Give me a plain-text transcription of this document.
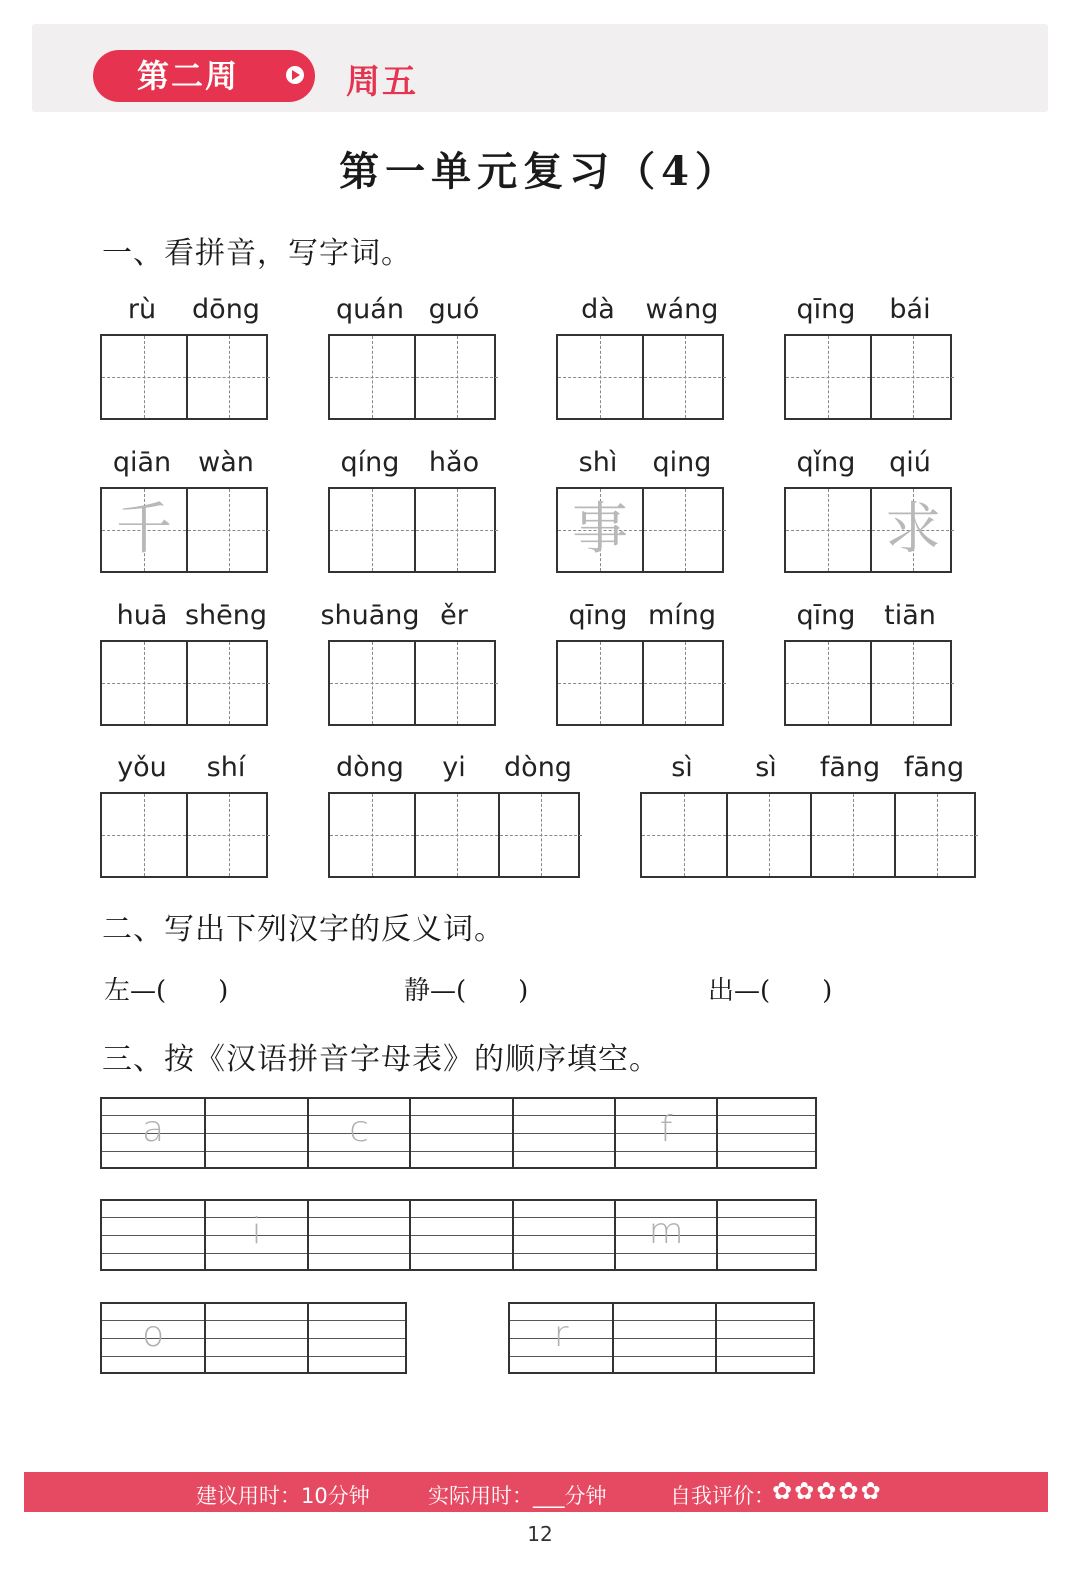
第二周	周五
第一单元复习（4）
一、看拼音，写字词。
rù dōng	quán guó	dà wáng	qīng bái
qiān wàn
千
qíng hǎo	shì qing
事
qǐng qiú
求
huā shēng shuāng ěr	qīng míng	qīng tiān
yǒu shí	dòng yi dòng	sì sì fāng fāng
二、写出下列汉字的反义词。
左—(　　)	静—(　　)	出—(　　)
三、按《汉语拼音字母表》的顺序填空。
a	c	f
i	m
o	r
建议用时：10分钟	实际用时：___分钟	自我评价：
✿✿✿✿✿
12
